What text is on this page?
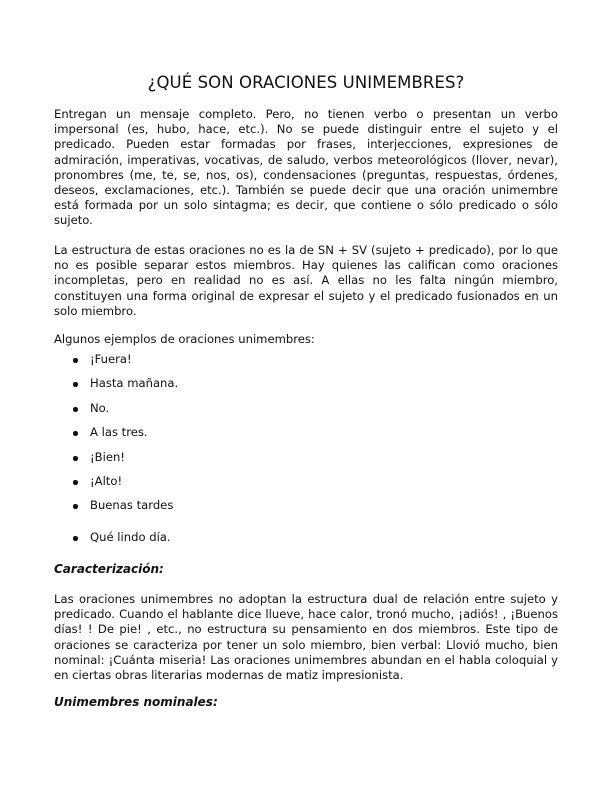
¿QUÉ SON ORACIONES UNIMEMBRES?

Entregan un mensaje completo. Pero, no tienen verbo o presentan un verbo impersonal (es, hubo, hace, etc.). No se puede distinguir entre el sujeto y el predicado. Pueden estar formadas por frases, interjecciones, expresiones de admiración, imperativas, vocativas, de saludo, verbos meteorológicos (llover, nevar), pronombres (me, te, se, nos, os), condensaciones (preguntas, respuestas, órdenes, deseos, exclamaciones, etc.). También se puede decir que una oración unimembre está formada por un solo sintagma; es decir, que contiene o sólo predicado o sólo sujeto.

La estructura de estas oraciones no es la de SN + SV (sujeto + predicado), por lo que no es posible separar estos miembros. Hay quienes las califican como oraciones incompletas, pero en realidad no es así. A ellas no les falta ningún miembro, constituyen una forma original de expresar el sujeto y el predicado fusionados en un solo miembro.

Algunos ejemplos de oraciones unimembres:

¡Fuera!
Hasta mañana.
No.
A las tres.
¡Bien!
¡Alto!
Buenas tardes
Qué lindo día.
Caracterización:

Las oraciones unimembres no adoptan la estructura dual de relación entre sujeto y predicado. Cuando el hablante dice llueve, hace calor, tronó mucho, ¡adiós! , ¡Buenos días! ! De pie! , etc., no estructura su pensamiento en dos miembros. Este tipo de oraciones se caracteriza por tener un solo miembro, bien verbal: Llovió mucho, bien nominal: ¡Cuánta miseria! Las oraciones unimembres abundan en el habla coloquial y en ciertas obras literarias modernas de matiz impresionista.

Unimembres nominales:
